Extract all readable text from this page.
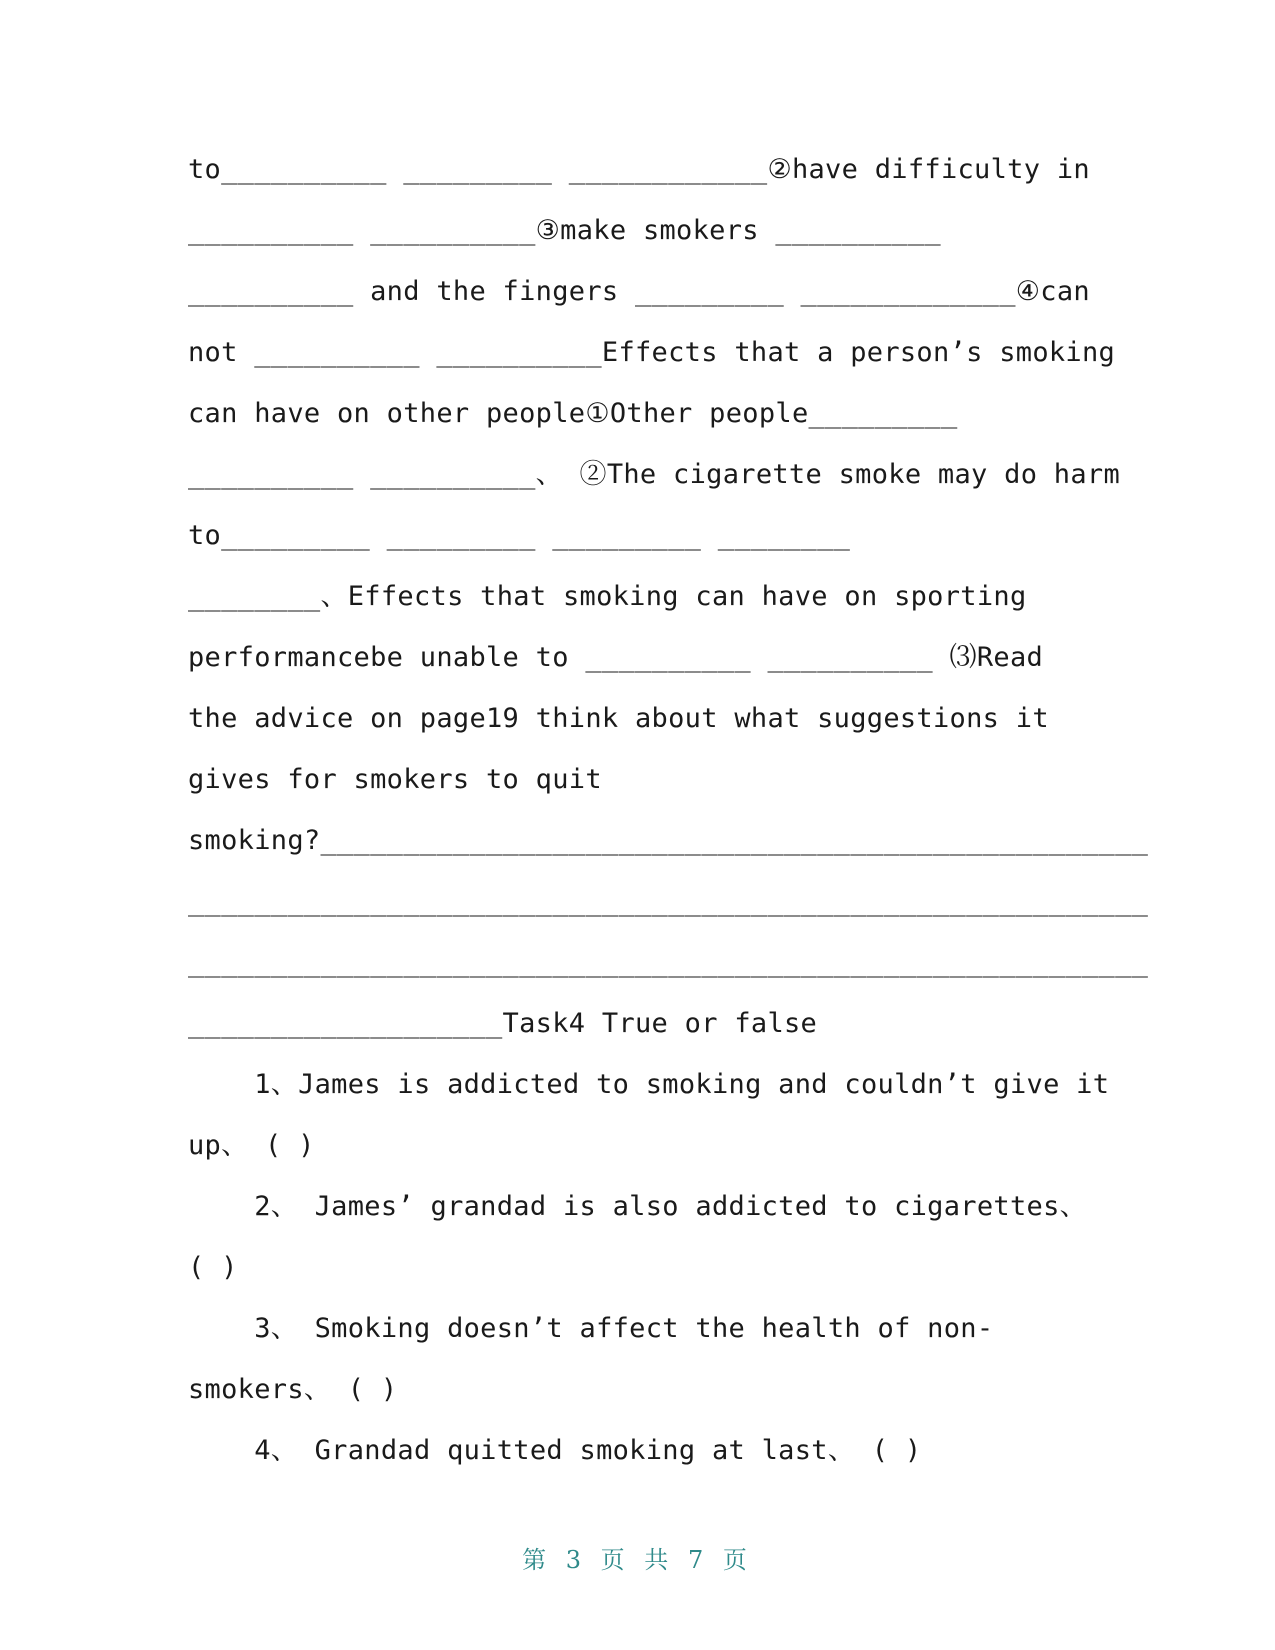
to__________ _________ ____________②have difficulty in
__________ __________③make smokers __________
__________ and the fingers _________ _____________④can
not __________ __________Effects that a person’s smoking
can have on other people①Other people_________
__________ __________、 ②The cigarette smoke may do harm
to_________ _________ _________ ________
________、Effects that smoking can have on sporting
performancebe unable to __________ __________ ⑶Read
the advice on page19 think about what suggestions it
gives for smokers to quit
smoking?__________________________________________________
__________________________________________________________
__________________________________________________________
___________________Task4 True or false
1、James is addicted to smoking and couldn’t give it
up、 ( )
2、 James’ grandad is also addicted to cigarettes、
( )
3、 Smoking doesn’t affect the health of non-
smokers、 ( )
4、 Grandad quitted smoking at last、 ( )
第 3 页 共 7 页
